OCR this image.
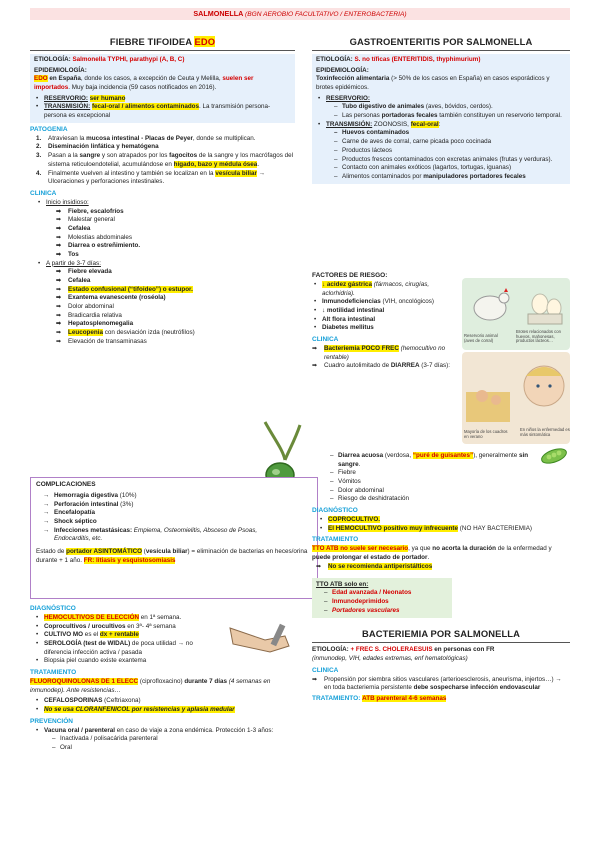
SALMONELLA (BGN AEROBIO FACULTATIVO / ENTEROBACTERIA)
FIEBRE TIFOIDEA EDO
ETIOLOGÍA: Salmonella TYPHI, parathypi (A, B, C)
EPIDEMIOLOGÍA:
EDO en España, donde los casos, a excepción de Ceuta y Melilla, suelen ser importados. Muy baja incidencia (59 casos notificados en 2016).
• RESERVORIO: ser humano
• TRANSMISIÓN: fecal-oral / alimentos contaminados. La transmisión persona-persona es excepcional
PATOGENIA
1. Atraviesan la mucosa intestinal - Placas de Peyer, donde se multiplican.
2. Diseminación linfática y hematógena
3. Pasan a la sangre y son atrapados por los fagocitos de la sangre y los macrófagos del sistema reticuloendotelial, acumulándose en hígado, bazo y médula ósea.
4. Finalmente vuelven al intestino y también se localizan en la vesícula biliar → Ulceraciones y perforaciones intestinales.
CLINICA
• Inicio insidioso:
➡ Fiebre, escalofríos
➡ Malestar general
➡ Cefalea
➡ Molestias abdominales
➡ Diarrea o estreñimiento.
➡ Tos
• A partir de 3-7 días:
➡ Fiebre elevada
➡ Cefalea
➡ Estado confusional (“tifoideo”) o estupor.
➡ Exantema evanescente (roséola)
➡ Dolor abdominal
➡ Bradicardia relativa
➡ Hepatosplenomegalia
➡ Leucopenia con desviación izda (neutrófilos)
➡ Elevación de transaminasas
COMPLICACIONES
→ Hemorragia digestiva (10%)
→ Perforación intestinal (3%)
→ Encefalopatía
→ Shock séptico
→ Infecciones metastásicas: Empiema, Osteomielitis, Absceso de Psoas, Endocarditis, etc.
Estado de portador ASINTOMÁTICO (vesícula biliar) = eliminación de bacterias en heces/orina durante + 1 año. FR: litiasis y esquistosomiasis
DIAGNÓSTICO
• HEMOCULTIVOS DE ELECCIÓN en 1ª semana.
• Coprocultivos / urocultivos en 3ª- 4ª semana
• CULTIVO MO es el dx + rentable
• SEROLOGÍA (test de WIDAL) de poca utilidad → no diferencia infección activa / pasada
• Biopsia piel cuando existe exantema
TRATAMIENTO
FLUOROQUINOLONAS DE 1 ELECC (ciprofloxacino) durante 7 días (4 semanas en inmunodep). Ante resistencias…
• CEFALOSPORINAS (Ceftriaxona)
• No se usa CLORANFENICOL por resistencias y aplasia medular
PREVENCIÓN
• Vacuna oral / parenteral en caso de viaje a zona endémica. Protección 1-3 años:
– Inactivada / polisacárida parenteral
– Oral
GASTROENTERITIS POR SALMONELLA
ETIOLOGÍA: S. no tíficas (ENTERITIDIS, thyphimurium)
EPIDEMIOLOGÍA:
Toxinfección alimentaria (> 50% de los casos en España) en casos esporádicos y brotes epidémicos.
• RESERVORIO:
– Tubo digestivo de animales (aves, bóvidos, cerdos).
– Las personas portadoras fecales también constituyen un reservorio temporal.
• TRANSMISIÓN: ZOONOSIS, fecal-oral:
– Huevos contaminados
– Carne de aves de corral, carne picada poco cocinada
– Productos lácteos
– Productos frescos contaminados con excretas animales (frutas y verduras).
– Contacto con animales exóticos (lagartos, tortugas, iguanas)
– Alimentos contaminados por manipuladores portadores fecales
FACTORES DE RIESGO:
• ↓ acidez gástrica (fármacos, cirugías, aclorhidria).
• Inmunodeficiencias (VIH, oncológicos)
• ↓ motilidad intestinal
• Alt flora intestinal
• Diabetes mellitus
CLINICA
➡ Bacteriemia POCO FREC (hemocultivo no rentable)
➡ Cuadro autolimitado de DIARREA (3-7 días):
Reservorio animal (aves de corral)
Brotes relacionados con huevos, mahonesas, productos lácteos…
Mayoría de los cuadros en verano
En niños la enfermedad es más sintomática
– Diarrea acuosa (verdosa, “puré de guisantes”), generalmente sin sangre.
– Fiebre
– Vómitos
– Dolor abdominal
– Riesgo de deshidratación
DIAGNÓSTICO
• COPROCULTIVO.
• El HEMOCULTIVO positivo muy infrecuente (NO HAY BACTERIEMIA)
TRATAMIENTO
TTO ATB no suele ser necesario, ya que no acorta la duración de la enfermedad y puede prolongar el estado de portador.
➡ No se recomienda antiperistálticos
TTO ATB solo en:
– Edad avanzada / Neonatos
– Inmunodeprimidos
– Portadores vasculares
BACTERIEMIA POR SALMONELLA
ETIOLOGÍA: + FREC S. CHOLERAESUIS en personas con FR
(inmunodep, VIH, edades extremas, enf hematológicas)
CLINICA
➡ Propensión por siembra sitios vasculares (arterioesclerosis, aneurisma, injertos…) → en toda bacteriemia persistente debe sospecharse infección endovascular
TRATAMIENTO: ATB parenteral 4-6 semanas
